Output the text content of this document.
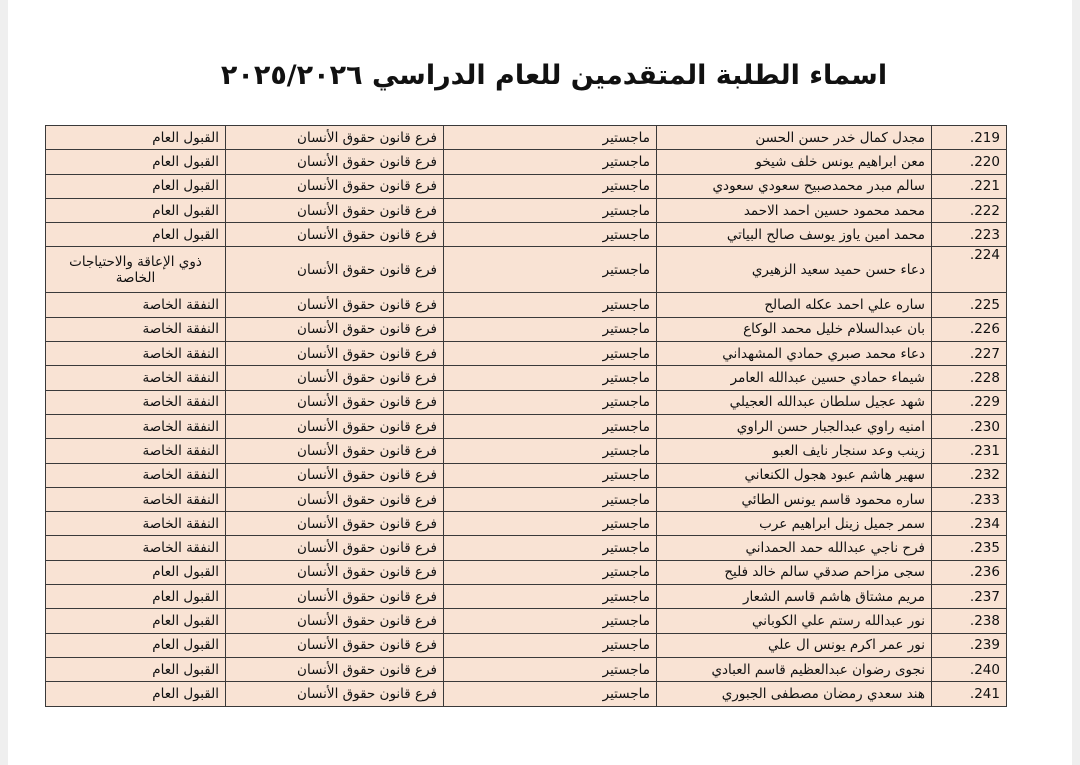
اسماء الطلبة المتقدمين للعام الدراسي ٢٠٢٥/٢٠٢٦
219.	مجدل كمال خدر حسن الحسن	ماجستير	فرع قانون حقوق الأنسان	القبول العام
220.	معن ابراهيم يونس خلف شيخو	ماجستير	فرع قانون حقوق الأنسان	القبول العام
221.	سالم مبدر محمدصبيح سعودي سعودي	ماجستير	فرع قانون حقوق الأنسان	القبول العام
222.	محمد محمود حسين احمد الاحمد	ماجستير	فرع قانون حقوق الأنسان	القبول العام
223.	محمد امين ياوز يوسف صالح البياتي	ماجستير	فرع قانون حقوق الأنسان	القبول العام
224.	دعاء حسن حميد سعيد الزهيري	ماجستير	فرع قانون حقوق الأنسان	ذوي الإعاقة والاحتياجات الخاصة
225.	ساره علي احمد عكله الصالح	ماجستير	فرع قانون حقوق الأنسان	النفقة الخاصة
226.	بان عبدالسلام خليل محمد الوكاع	ماجستير	فرع قانون حقوق الأنسان	النفقة الخاصة
227.	دعاء محمد صبري حمادي المشهداني	ماجستير	فرع قانون حقوق الأنسان	النفقة الخاصة
228.	شيماء حمادي حسين عبدالله العامر	ماجستير	فرع قانون حقوق الأنسان	النفقة الخاصة
229.	شهد عجيل سلطان عبدالله العجيلي	ماجستير	فرع قانون حقوق الأنسان	النفقة الخاصة
230.	امنيه راوي عبدالجبار حسن الراوي	ماجستير	فرع قانون حقوق الأنسان	النفقة الخاصة
231.	زينب وعد سنجار نايف العبو	ماجستير	فرع قانون حقوق الأنسان	النفقة الخاصة
232.	سهير هاشم عبود هجول الكنعاني	ماجستير	فرع قانون حقوق الأنسان	النفقة الخاصة
233.	ساره محمود قاسم يونس الطائي	ماجستير	فرع قانون حقوق الأنسان	النفقة الخاصة
234.	سمر جميل زينل ابراهيم عرب	ماجستير	فرع قانون حقوق الأنسان	النفقة الخاصة
235.	فرح ناجي عبدالله حمد الحمداني	ماجستير	فرع قانون حقوق الأنسان	النفقة الخاصة
236.	سجى مزاحم صدقي سالم خالد فليح	ماجستير	فرع قانون حقوق الأنسان	القبول العام
237.	مريم مشتاق هاشم قاسم الشعار	ماجستير	فرع قانون حقوق الأنسان	القبول العام
238.	نور عبدالله رستم علي الكوباني	ماجستير	فرع قانون حقوق الأنسان	القبول العام
239.	نور عمر اكرم يونس ال علي	ماجستير	فرع قانون حقوق الأنسان	القبول العام
240.	نجوى رضوان عبدالعظيم قاسم العبادي	ماجستير	فرع قانون حقوق الأنسان	القبول العام
241.	هند سعدي رمضان مصطفى الجبوري	ماجستير	فرع قانون حقوق الأنسان	القبول العام
